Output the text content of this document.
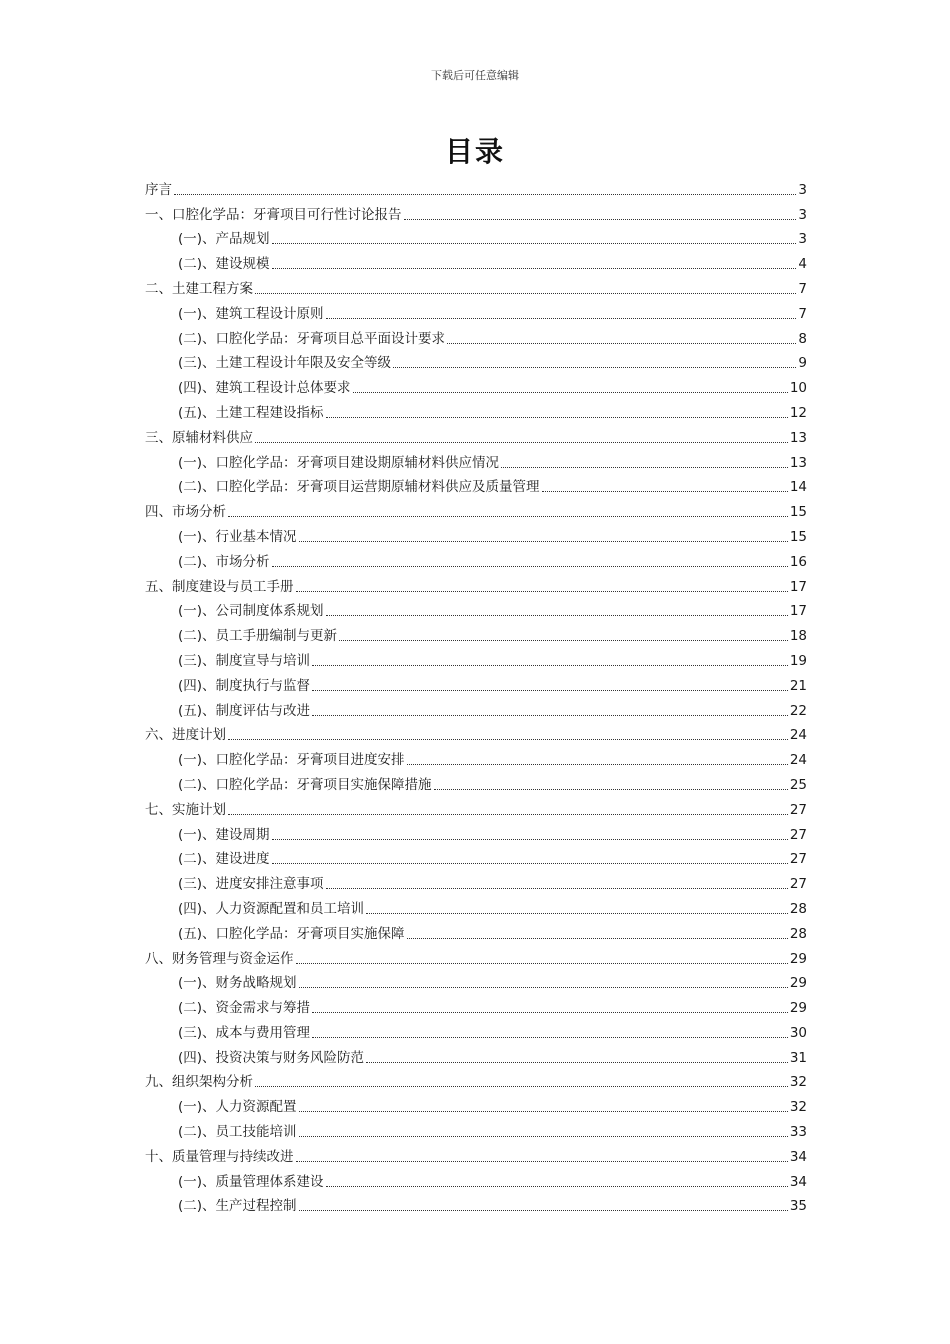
下载后可任意编辑
目录
序言	3
一、口腔化学品：牙膏项目可行性讨论报告	3
(一)、产品规划	3
(二)、建设规模	4
二、土建工程方案	7
(一)、建筑工程设计原则	7
(二)、口腔化学品：牙膏项目总平面设计要求	8
(三)、土建工程设计年限及安全等级	9
(四)、建筑工程设计总体要求	10
(五)、土建工程建设指标	12
三、原辅材料供应	13
(一)、口腔化学品：牙膏项目建设期原辅材料供应情况	13
(二)、口腔化学品：牙膏项目运营期原辅材料供应及质量管理	14
四、市场分析	15
(一)、行业基本情况	15
(二)、市场分析	16
五、制度建设与员工手册	17
(一)、公司制度体系规划	17
(二)、员工手册编制与更新	18
(三)、制度宣导与培训	19
(四)、制度执行与监督	21
(五)、制度评估与改进	22
六、进度计划	24
(一)、口腔化学品：牙膏项目进度安排	24
(二)、口腔化学品：牙膏项目实施保障措施	25
七、实施计划	27
(一)、建设周期	27
(二)、建设进度	27
(三)、进度安排注意事项	27
(四)、人力资源配置和员工培训	28
(五)、口腔化学品：牙膏项目实施保障	28
八、财务管理与资金运作	29
(一)、财务战略规划	29
(二)、资金需求与筹措	29
(三)、成本与费用管理	30
(四)、投资决策与财务风险防范	31
九、组织架构分析	32
(一)、人力资源配置	32
(二)、员工技能培训	33
十、质量管理与持续改进	34
(一)、质量管理体系建设	34
(二)、生产过程控制	35
